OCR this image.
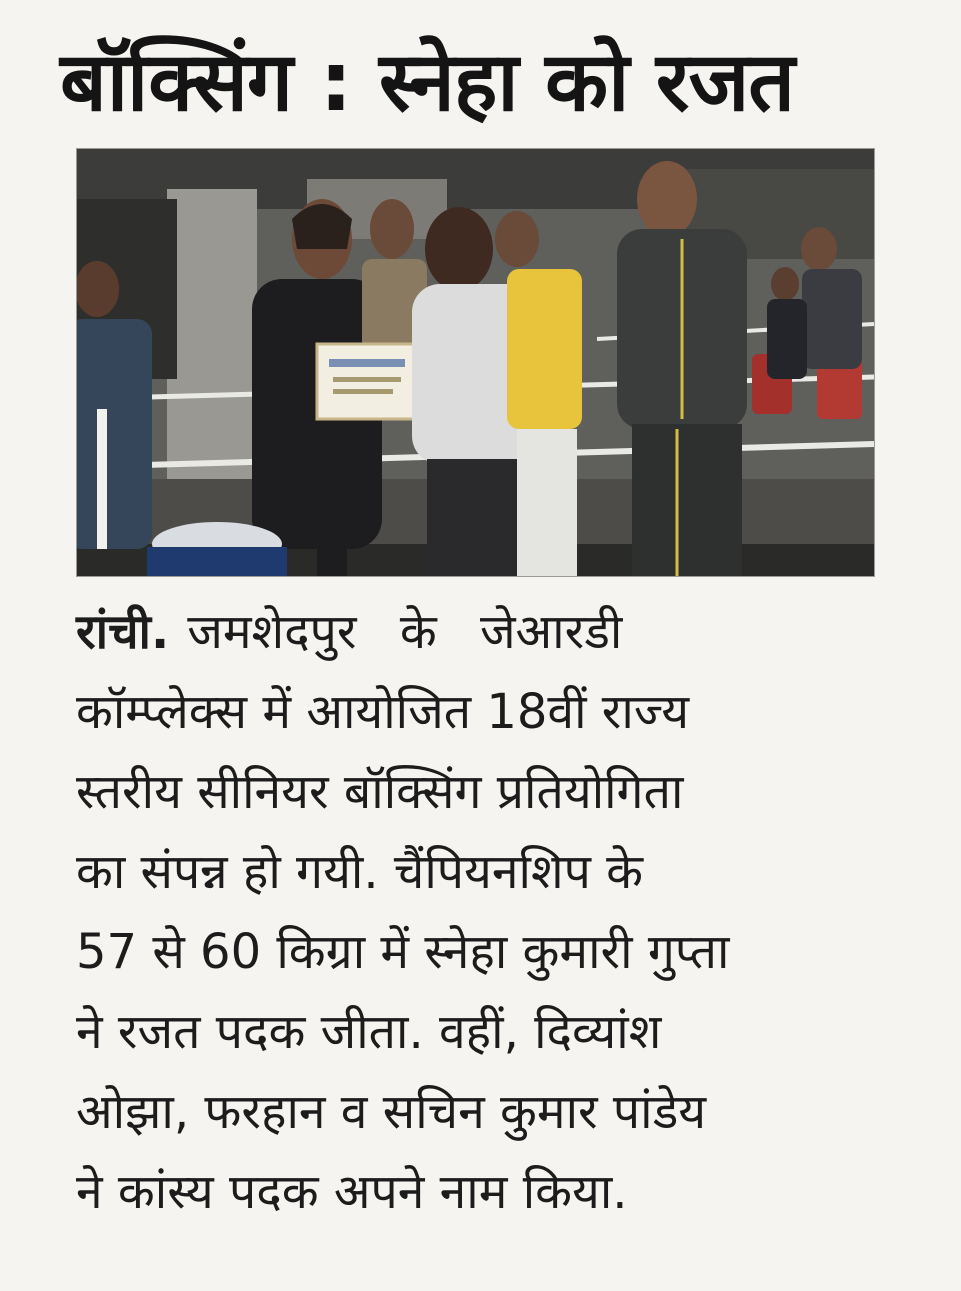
बॉक्सिंग : स्नेहा को रजत
रांची. जमशेदपुर के जेआरडी
कॉम्प्लेक्स में आयोजित 18वीं राज्य
स्तरीय सीनियर बॉक्सिंग प्रतियोगिता
का संपन्न हो गयी. चैंपियनशिप के
57 से 60 किग्रा में स्नेहा कुमारी गुप्ता
ने रजत पदक जीता. वहीं, दिव्यांश
ओझा, फरहान व सचिन कुमार पांडेय
ने कांस्य पदक अपने नाम किया.
